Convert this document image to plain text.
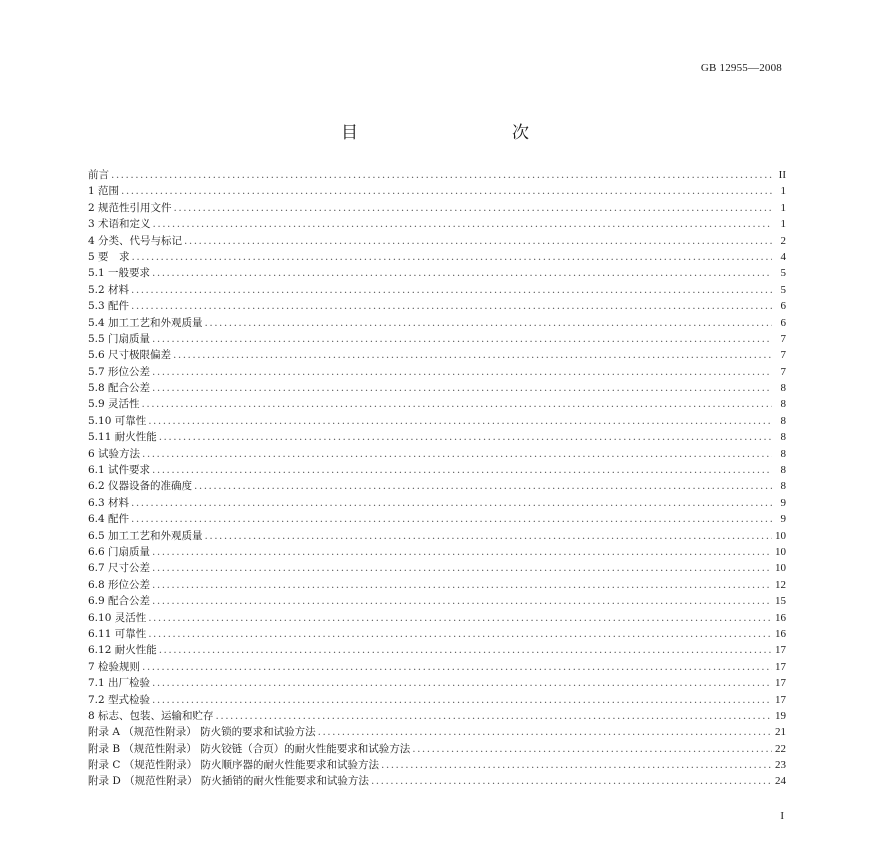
GB 12955—2008
目　　次
前言 .....	II
1 范围 .....	1
2 规范性引用文件 .....	1
3 术语和定义 .....	1
4 分类、代号与标记 .....	2
5 要　求 .....	4
5.1 一般要求 .....	5
5.2 材料 .....	5
5.3 配件 .....	6
5.4 加工工艺和外观质量 .....	6
5.5 门扇质量 .....	7
5.6 尺寸极限偏差 .....	7
5.7 形位公差 .....	7
5.8 配合公差 .....	8
5.9 灵活性 .....	8
5.10 可靠性 .....	8
5.11 耐火性能 .....	8
6 试验方法 .....	8
6.1 试件要求 .....	8
6.2 仪器设备的准确度 .....	8
6.3 材料 .....	9
6.4 配件 .....	9
6.5 加工工艺和外观质量 .....	10
6.6 门扇质量 .....	10
6.7 尺寸公差 .....	10
6.8 形位公差 .....	12
6.9 配合公差 .....	15
6.10 灵活性 .....	16
6.11 可靠性 .....	16
6.12 耐火性能 .....	17
7 检验规则 .....	17
7.1 出厂检验 .....	17
7.2 型式检验 .....	17
8 标志、包装、运输和贮存 .....	19
附录 A （规范性附录） 防火锁的要求和试验方法 .....	21
附录 B （规范性附录） 防火铰链（合页）的耐火性能要求和试验方法 .....	22
附录 C （规范性附录） 防火顺序器的耐火性能要求和试验方法 .....	23
附录 D （规范性附录） 防火插销的耐火性能要求和试验方法 .....	24
I
